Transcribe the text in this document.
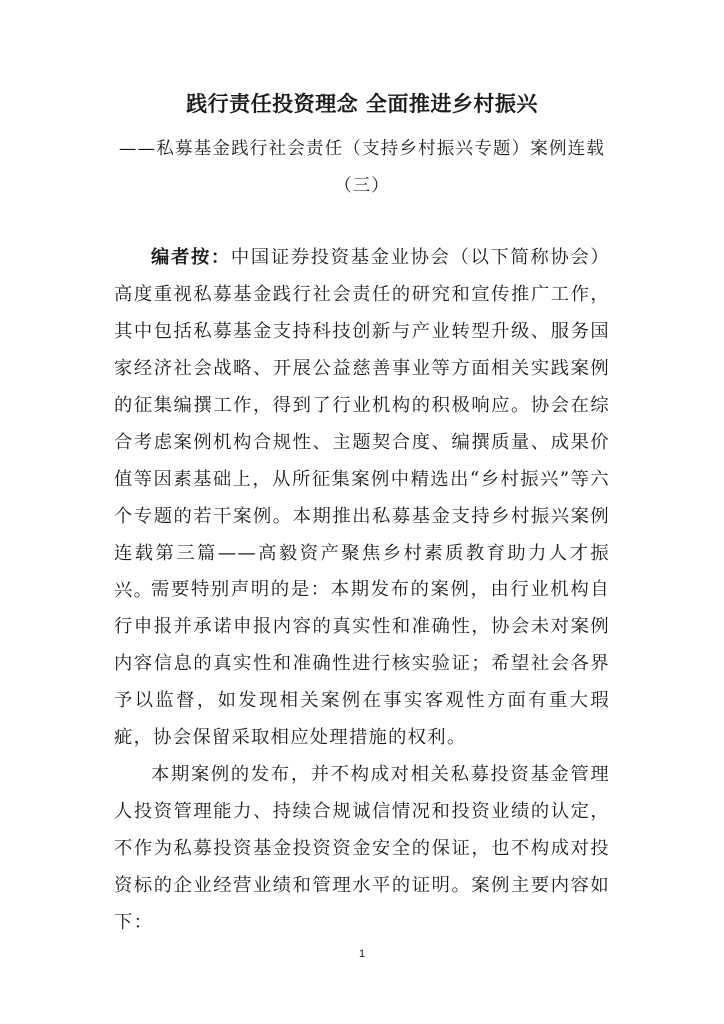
践行责任投资理念 全面推进乡村振兴
——私募基金践行社会责任（支持乡村振兴专题）案例连载
（三）

编者按：中国证券投资基金业协会（以下简称协会）高度重视私募基金践行社会责任的研究和宣传推广工作，其中包括私募基金支持科技创新与产业转型升级、服务国家经济社会战略、开展公益慈善事业等方面相关实践案例的征集编撰工作，得到了行业机构的积极响应。协会在综合考虑案例机构合规性、主题契合度、编撰质量、成果价值等因素基础上，从所征集案例中精选出“乡村振兴”等六个专题的若干案例。本期推出私募基金支持乡村振兴案例连载第三篇——高毅资产聚焦乡村素质教育助力人才振兴。

需要特别声明的是：本期发布的案例，由行业机构自行申报并承诺申报内容的真实性和准确性，协会未对案例内容信息的真实性和准确性进行核实验证；希望社会各界予以监督，如发现相关案例在事实客观性方面有重大瑕疵，协会保留采取相应处理措施的权利。

本期案例的发布，并不构成对相关私募投资基金管理人投资管理能力、持续合规诚信情况和投资业绩的认定，不作为私募投资基金投资资金安全的保证，也不构成对投资标的企业经营业绩和管理水平的证明。案例主要内容如下：

1
